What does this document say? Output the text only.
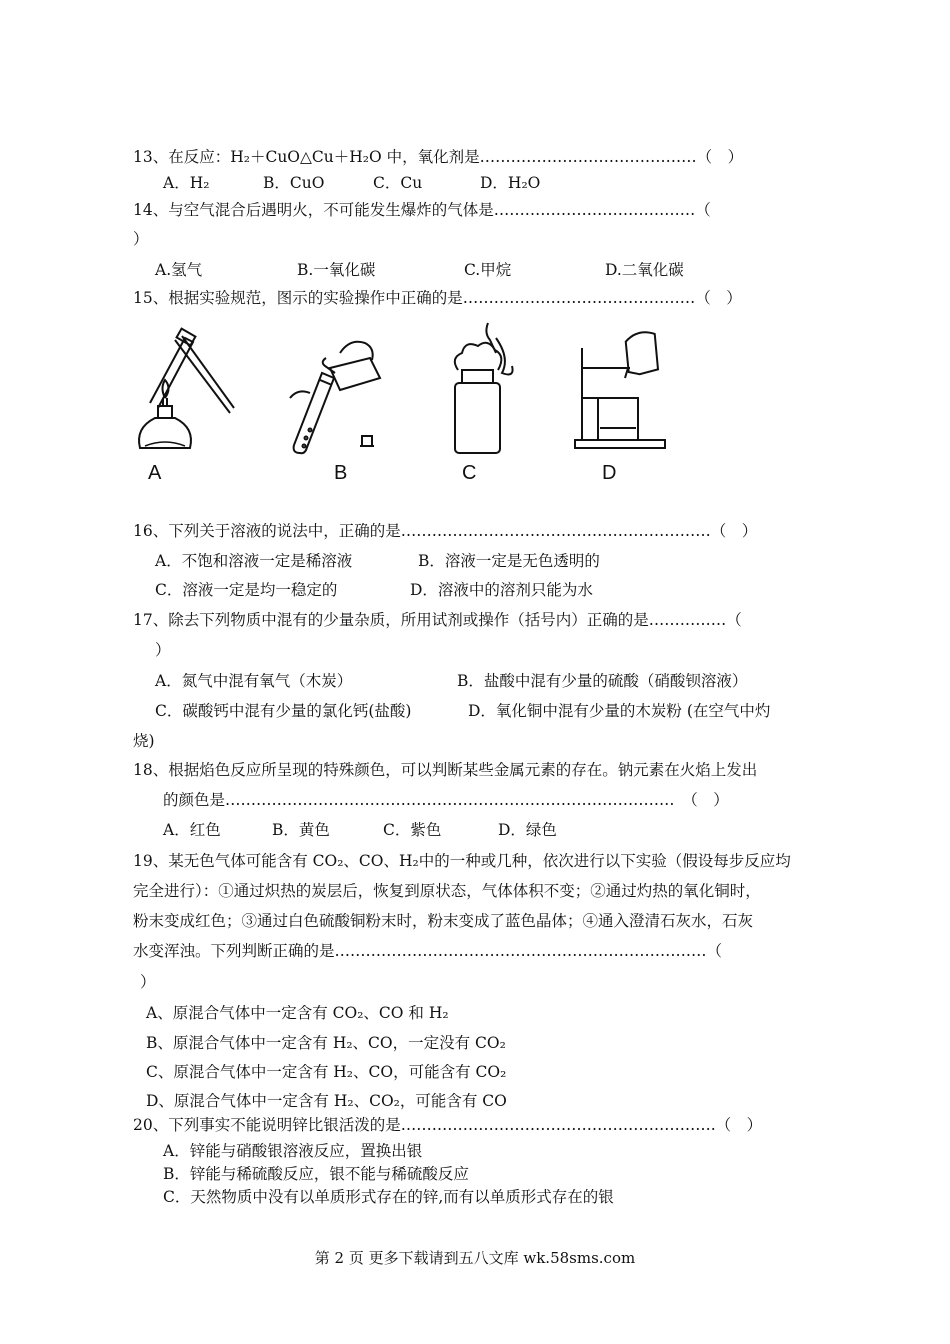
13、在反应：H₂＋CuO△Cu＋H₂O 中，氧化剂是……………………………………（　）
A．H₂	B．CuO	C．Cu	D．H₂O
14、与空气混合后遇明火，不可能发生爆炸的气体是…………………………………（
）
A.氢气	B.一氧化碳	C.甲烷	D.二氧化碳
15、根据实验规范，图示的实验操作中正确的是………………………………………（　）
A	B	C	D
16、下列关于溶液的说法中，正确的是……………………………………………………（　）
A．不饱和溶液一定是稀溶液	B．溶液一定是无色透明的
C．溶液一定是均一稳定的	D．溶液中的溶剂只能为水
17、除去下列物质中混有的少量杂质，所用试剂或操作（括号内）正确的是……………（
）
A．氮气中混有氧气（木炭）	B．盐酸中混有少量的硫酸（硝酸钡溶液）
C．碳酸钙中混有少量的氯化钙(盐酸)	D．氧化铜中混有少量的木炭粉 (在空气中灼
烧)
18、根据焰色反应所呈现的特殊颜色，可以判断某些金属元素的存在。钠元素在火焰上发出
的颜色是……………………………………………………………………………　（　）
A．红色	B．黄色	C．紫色	D．绿色
19、某无色气体可能含有 CO₂、CO、H₂中的一种或几种，依次进行以下实验（假设每步反应均
完全进行）：①通过炽热的炭层后，恢复到原状态，气体体积不变；②通过灼热的氧化铜时，
粉末变成红色；③通过白色硫酸铜粉末时，粉末变成了蓝色晶体；④通入澄清石灰水，石灰
水变浑浊。下列判断正确的是………………………………………………………………（
）
A、原混合气体中一定含有 CO₂、CO 和 H₂
B、原混合气体中一定含有 H₂、CO，一定没有 CO₂
C、原混合气体中一定含有 H₂、CO，可能含有 CO₂
D、原混合气体中一定含有 H₂、CO₂，可能含有 CO
20、下列事实不能说明锌比银活泼的是…………………………………………………….（　）
A．锌能与硝酸银溶液反应，置换出银
B．锌能与稀硫酸反应，银不能与稀硫酸反应
C．天然物质中没有以单质形式存在的锌,而有以单质形式存在的银
第 2 页 更多下载请到五八文库 wk.58sms.com
